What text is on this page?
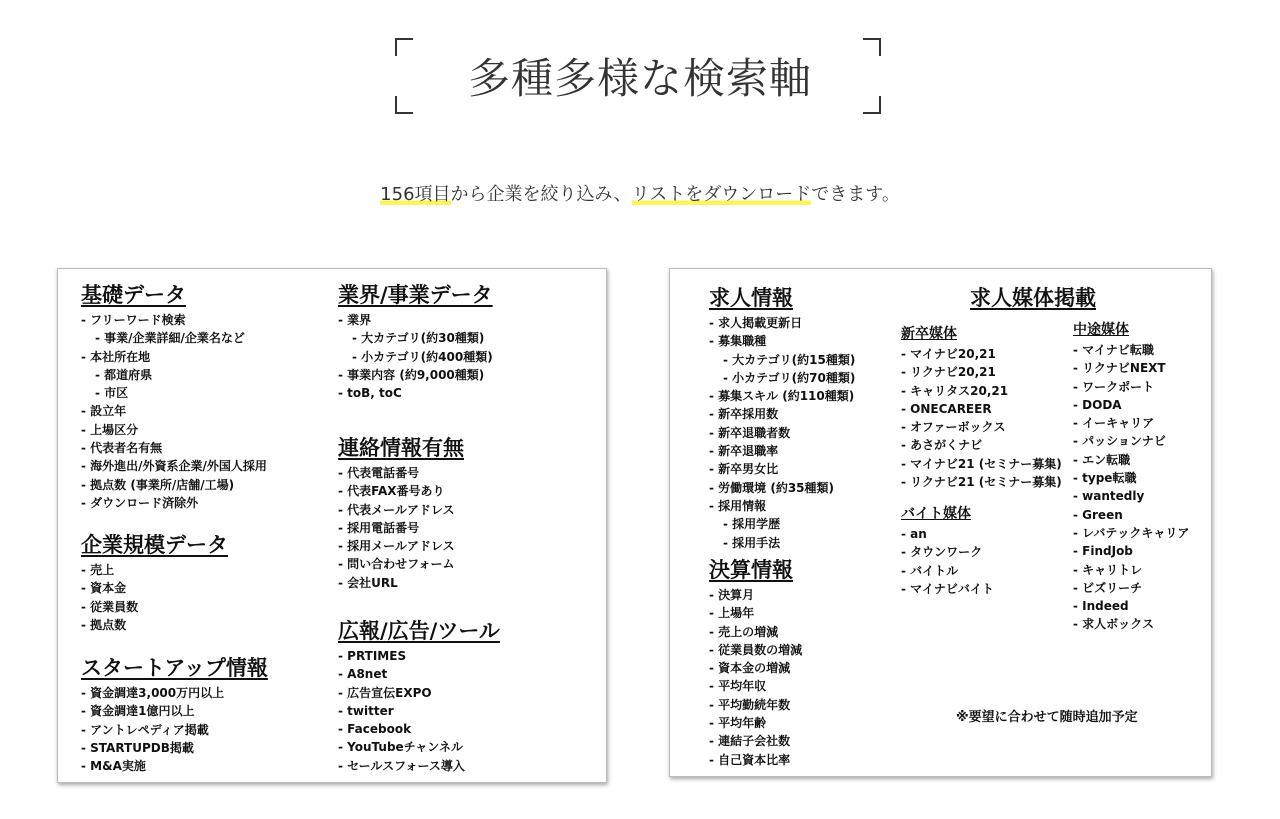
多種多様な検索軸
156項目から企業を絞り込み、リストをダウンロードできます。
基礎データ
- フリーワード検索
- 事業/企業詳細/企業名など
- 本社所在地
- 都道府県
- 市区
- 設立年
- 上場区分
- 代表者名有無
- 海外進出/外資系企業/外国人採用
- 拠点数 (事業所/店舗/工場)
- ダウンロード済除外
企業規模データ
- 売上
- 資本金
- 従業員数
- 拠点数
スタートアップ情報
- 資金調達3,000万円以上
- 資金調達1億円以上
- アントレペディア掲載
- STARTUPDB掲載
- M&A実施
業界/事業データ
- 業界
- 大カテゴリ(約30種類)
- 小カテゴリ(約400種類)
- 事業内容 (約9,000種類)
- toB, toC
連絡情報有無
- 代表電話番号
- 代表FAX番号あり
- 代表メールアドレス
- 採用電話番号
- 採用メールアドレス
- 問い合わせフォーム
- 会社URL
広報/広告/ツール
- PRTIMES
- A8net
- 広告宣伝EXPO
- twitter
- Facebook
- YouTubeチャンネル
- セールスフォース導入
求人情報
- 求人掲載更新日
- 募集職種
- 大カテゴリ(約15種類)
- 小カテゴリ(約70種類)
- 募集スキル (約110種類)
- 新卒採用数
- 新卒退職者数
- 新卒退職率
- 新卒男女比
- 労働環境 (約35種類)
- 採用情報
- 採用学歴
- 採用手法
決算情報
- 決算月
- 上場年
- 売上の増減
- 従業員数の増減
- 資本金の増減
- 平均年収
- 平均勤続年数
- 平均年齢
- 連結子会社数
- 自己資本比率
求人媒体掲載
新卒媒体
- マイナビ20,21
- リクナビ20,21
- キャリタス20,21
- ONECAREER
- オファーボックス
- あさがくナビ
- マイナビ21 (セミナー募集)
- リクナビ21 (セミナー募集)
バイト媒体
- an
- タウンワーク
- バイトル
- マイナビバイト
中途媒体
- マイナビ転職
- リクナビNEXT
- ワークポート
- DODA
- イーキャリア
- パッションナビ
- エン転職
- type転職
- wantedly
- Green
- レバテックキャリア
- FindJob
- キャリトレ
- ビズリーチ
- Indeed
- 求人ボックス
※要望に合わせて随時追加予定
